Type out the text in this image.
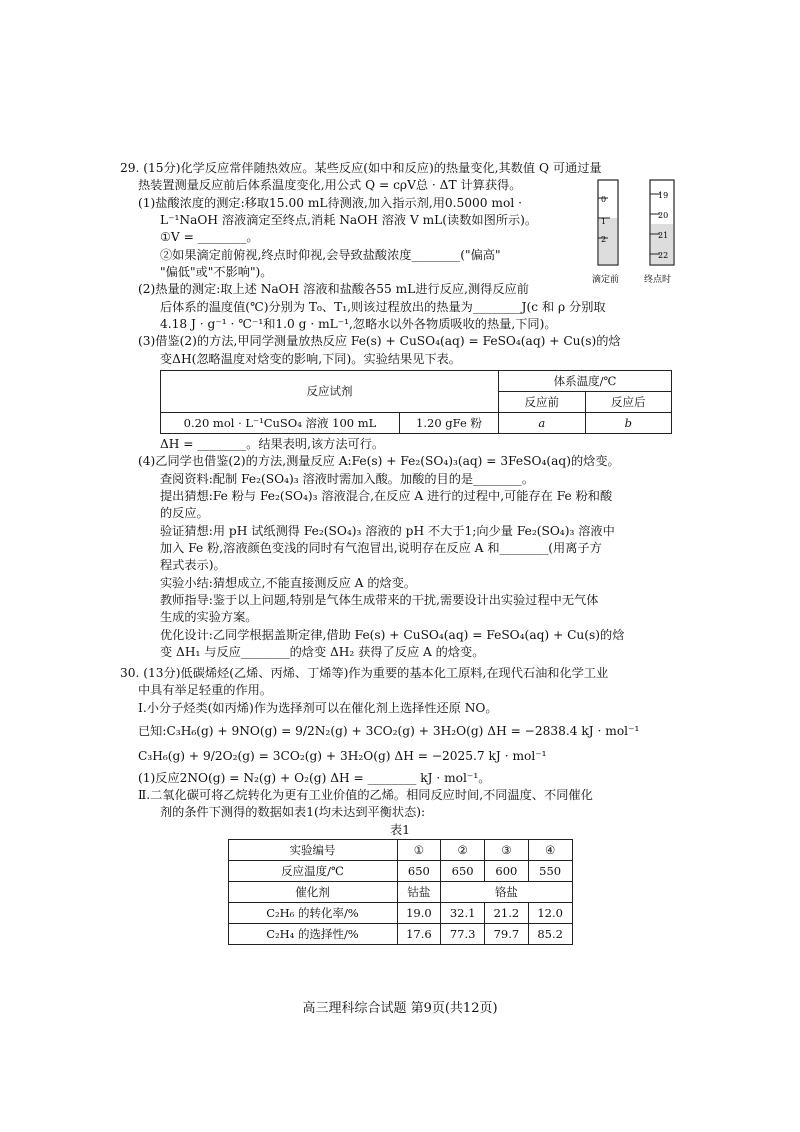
29. (15分)化学反应常伴随热效应。某些反应(如中和反应)的热量变化,其数值 Q 可通过量

热装置测量反应前后体系温度变化,用公式 Q = cρV总 · ΔT 计算获得。

(1)盐酸浓度的测定:移取15.00 mL待测液,加入指示剂,用0.5000 mol ·

L⁻¹NaOH 溶液滴定至终点,消耗 NaOH 溶液 V mL(读数如图所示)。

①V = ________。

②如果滴定前俯视,终点时仰视,会导致盐酸浓度________("偏高"

"偏低"或"不影响")。

(2)热量的测定:取上述 NaOH 溶液和盐酸各55 mL进行反应,测得反应前

后体系的温度值(℃)分别为 T₀、T₁,则该过程放出的热量为________J(c 和 ρ 分别取

4.18 J · g⁻¹ · ℃⁻¹和1.0 g · mL⁻¹,忽略水以外各物质吸收的热量,下同)。

(3)借鉴(2)的方法,甲同学测量放热反应 Fe(s) + CuSO₄(aq) = FeSO₄(aq) + Cu(s)的焓

变ΔH(忽略温度对焓变的影响,下同)。实验结果见下表。

反应试剂		体系温度/℃	
		反应前	反应后
0.20 mol · L⁻¹CuSO₄ 溶液 100 mL	1.20 gFe 粉	a	b

ΔH = ________。结果表明,该方法可行。

(4)乙同学也借鉴(2)的方法,测量反应 A:Fe(s) + Fe₂(SO₄)₃(aq) = 3FeSO₄(aq)的焓变。

查阅资料:配制 Fe₂(SO₄)₃ 溶液时需加入酸。加酸的目的是________。

提出猜想:Fe 粉与 Fe₂(SO₄)₃ 溶液混合,在反应 A 进行的过程中,可能存在 Fe 粉和酸

的反应。

验证猜想:用 pH 试纸测得 Fe₂(SO₄)₃ 溶液的 pH 不大于1;向少量 Fe₂(SO₄)₃ 溶液中

加入 Fe 粉,溶液颜色变浅的同时有气泡冒出,说明存在反应 A 和________(用离子方

程式表示)。

实验小结:猜想成立,不能直接测反应 A 的焓变。

教师指导:鉴于以上问题,特别是气体生成带来的干扰,需要设计出实验过程中无气体

生成的实验方案。

优化设计:乙同学根据盖斯定律,借助 Fe(s) + CuSO₄(aq) = FeSO₄(aq) + Cu(s)的焓

变 ΔH₁ 与反应________的焓变 ΔH₂ 获得了反应 A 的焓变。

0
1
2
19
20
21
22
滴定前	终点时

30. (13分)低碳烯烃(乙烯、丙烯、丁烯等)作为重要的基本化工原料,在现代石油和化学工业

中具有举足轻重的作用。

Ⅰ.小分子烃类(如丙烯)作为选择剂可以在催化剂上选择性还原 NO。

已知:C₃H₆(g) + 9NO(g) = 9/2N₂(g) + 3CO₂(g) + 3H₂O(g) ΔH = −2838.4 kJ · mol⁻¹

C₃H₆(g) + 9/2O₂(g) = 3CO₂(g) + 3H₂O(g) ΔH = −2025.7 kJ · mol⁻¹

(1)反应2NO(g) = N₂(g) + O₂(g) ΔH = ________ kJ · mol⁻¹。

Ⅱ.二氧化碳可将乙烷转化为更有工业价值的乙烯。相同反应时间,不同温度、不同催化

剂的条件下测得的数据如表1(均未达到平衡状态):

表1

实验编号	①	②	③	④
反应温度/℃	650	650	600	550
催化剂	钴盐	铬盐		
C₂H₆ 的转化率/%	19.0	32.1	21.2	12.0
C₂H₄ 的选择性/%	17.6	77.3	79.7	85.2
高三理科综合试题 第9页(共12页)
